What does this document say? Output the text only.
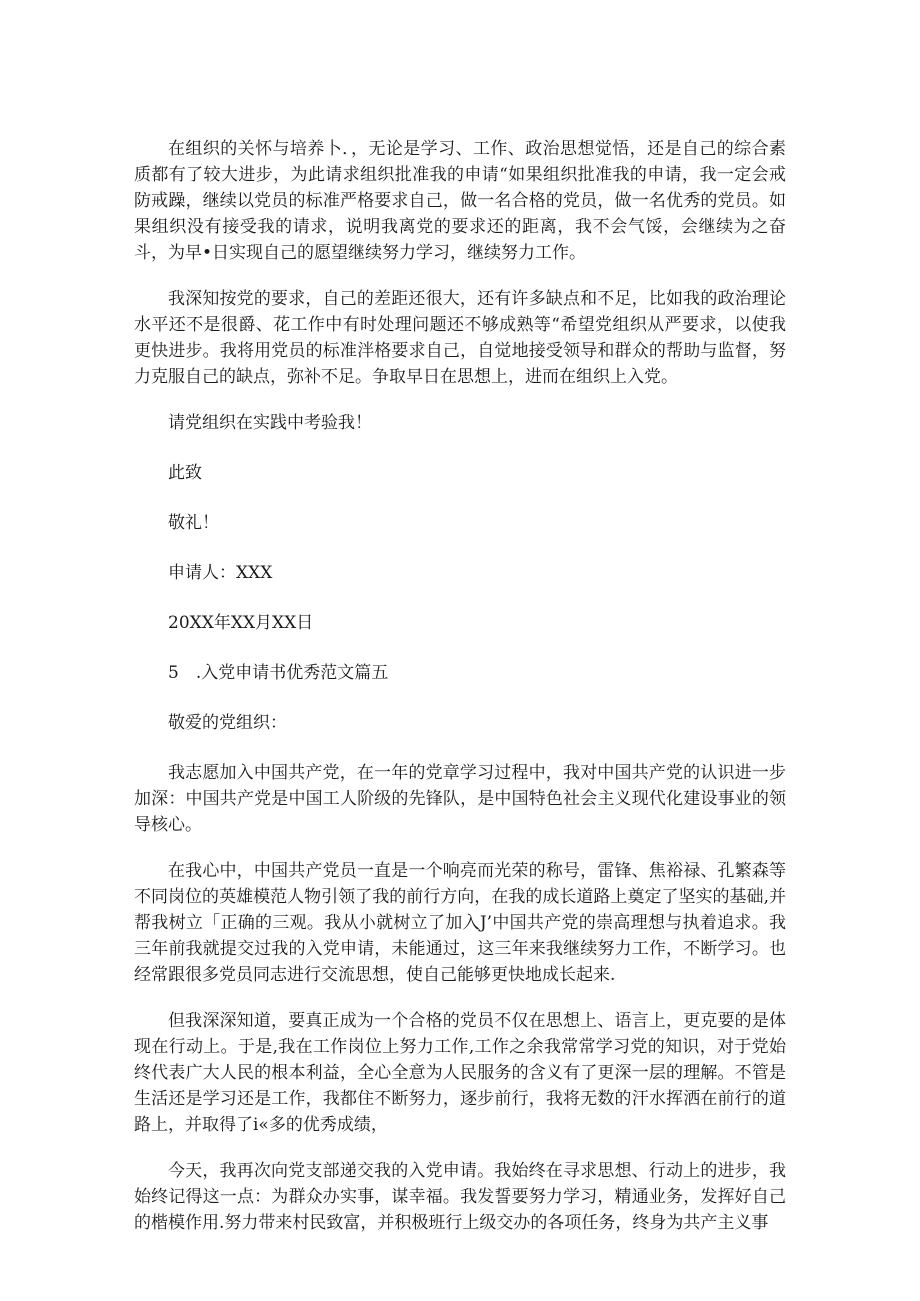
在组织的关怀与培养卜．，无论是学习、工作、政治思想觉悟，还是自己的综合素质都有了较大进步，为此请求组织批准我的申请“如果组织批准我的申请，我一定会戒防戒躁，继续以党员的标准严格要求自己，做一名合格的党员，做一名优秀的党员。如果组织没有接受我的请求，说明我离党的要求还的距离，我不会气馁，会继续为之奋斗，为早•日实现自己的愿望继续努力学习，继续努力工作。

我深知按党的要求，自己的差距还很大，还有许多缺点和不足，比如我的政治理论水平还不是很爵、花工作中有时处理问题还不够成熟等“希望党组织从严要求，以使我更快进步。我将用党员的标准泮格要求自己，自觉地接受领导和群众的帮助与监督，努力克服自己的缺点，弥补不足。争取早日在思想上，进而在组织上入党。

请党组织在实践中考验我！

此致

敬礼！

申请人：XXX

20XX年XX月XX日

5　.入党申请书优秀范文篇五

敬爱的党组织：

我志愿加入中国共产党，在一年的党章学习过程中，我对中国共产党的认识进一步加深：中国共产党是中国工人阶级的先锋队，是中国特色社会主义现代化建设事业的领导核心。

在我心中，中国共产党员一直是一个响亮而光荣的称号，雷锋、焦裕禄、孔繁森等不同岗位的英雄模范人物引领了我的前行方向，在我的成长道路上奠定了坚实的基础,并帮我树立「正确的三观。我从小就树立了加入J’中国共产党的崇高理想与执着追求。我三年前我就提交过我的入党申请，未能通过，这三年来我继续努力工作，不断学习。也经常跟很多党员同志进行交流思想，使自己能够更快地成长起来.

但我深深知道，要真正成为一个合格的党员不仅在思想上、语言上，更克要的是体现在行动上。于是,我在工作岗位上努力工作,工作之余我常常学习党的知识，对于党始终代表广大人民的根本利益，全心全意为人民服务的含义有了更深一层的理解。不管是生活还是学习还是工作，我都住不断努力，逐步前行，我将无数的汗水挥洒在前行的道路上，并取得了i«多的优秀成绩，

今天，我再次向党支部递交我的入党申请。我始终在寻求思想、行动上的进步，我始终记得这一点：为群众办实事，谋幸福。我发誓要努力学习，精通业务，发挥好自己的楷模作用.努力带来村民致富，并积极班行上级交办的各项任务，终身为共产主义事
